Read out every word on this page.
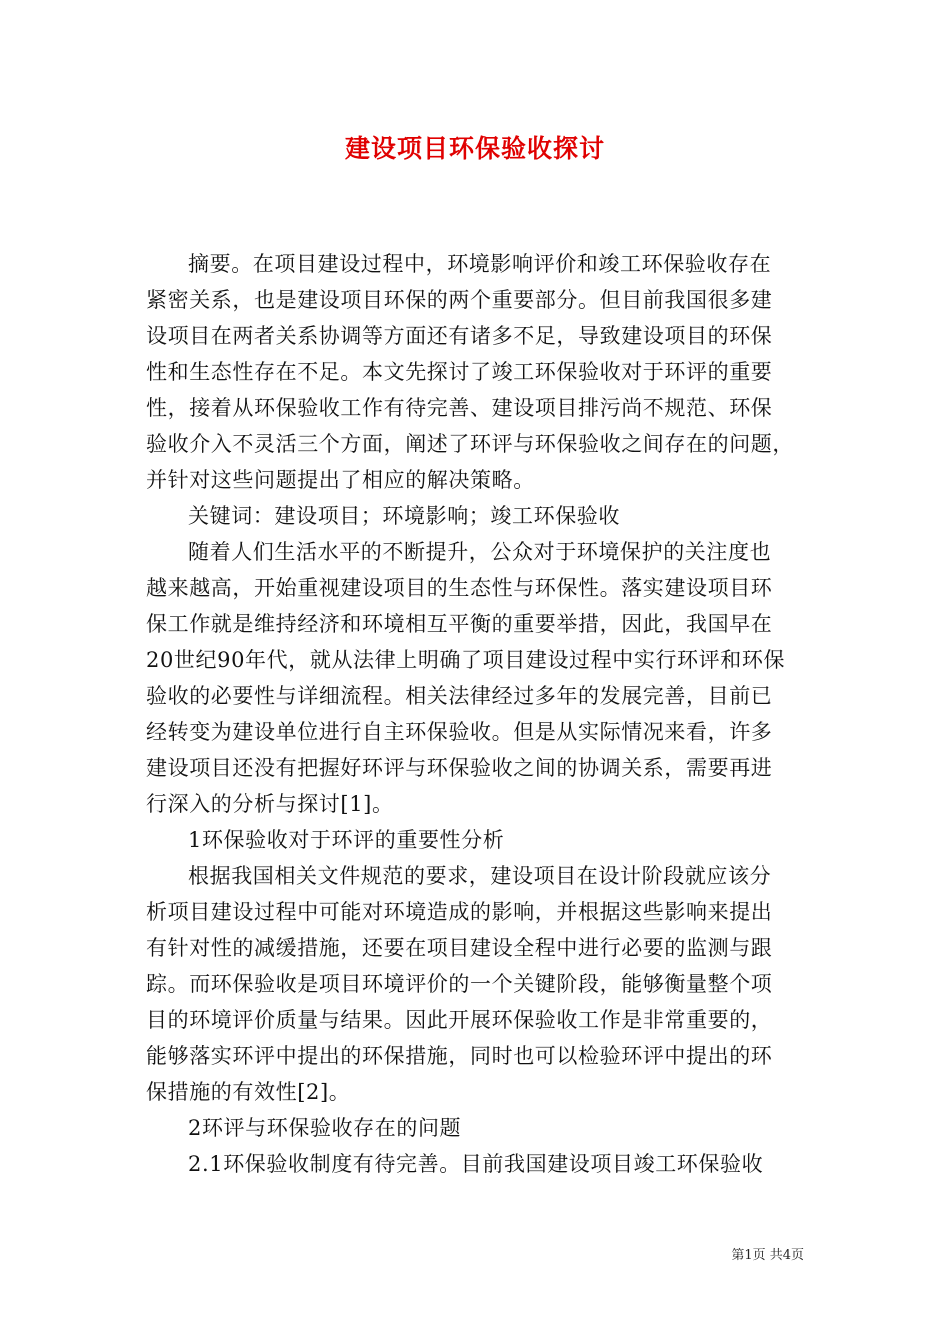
建设项目环保验收探讨
摘要。在项目建设过程中，环境影响评价和竣工环保验收存在
紧密关系，也是建设项目环保的两个重要部分。但目前我国很多建
设项目在两者关系协调等方面还有诸多不足，导致建设项目的环保
性和生态性存在不足。本文先探讨了竣工环保验收对于环评的重要
性，接着从环保验收工作有待完善、建设项目排污尚不规范、环保
验收介入不灵活三个方面，阐述了环评与环保验收之间存在的问题，
并针对这些问题提出了相应的解决策略。
关键词：建设项目；环境影响；竣工环保验收
随着人们生活水平的不断提升，公众对于环境保护的关注度也
越来越高，开始重视建设项目的生态性与环保性。落实建设项目环
保工作就是维持经济和环境相互平衡的重要举措，因此，我国早在
20世纪90年代，就从法律上明确了项目建设过程中实行环评和环保
验收的必要性与详细流程。相关法律经过多年的发展完善，目前已
经转变为建设单位进行自主环保验收。但是从实际情况来看，许多
建设项目还没有把握好环评与环保验收之间的协调关系，需要再进
行深入的分析与探讨[1]。
1环保验收对于环评的重要性分析
根据我国相关文件规范的要求，建设项目在设计阶段就应该分
析项目建设过程中可能对环境造成的影响，并根据这些影响来提出
有针对性的减缓措施，还要在项目建设全程中进行必要的监测与跟
踪。而环保验收是项目环境评价的一个关键阶段，能够衡量整个项
目的环境评价质量与结果。因此开展环保验收工作是非常重要的，
能够落实环评中提出的环保措施，同时也可以检验环评中提出的环
保措施的有效性[2]。
2环评与环保验收存在的问题
2.1环保验收制度有待完善。目前我国建设项目竣工环保验收
第1页 共4页
